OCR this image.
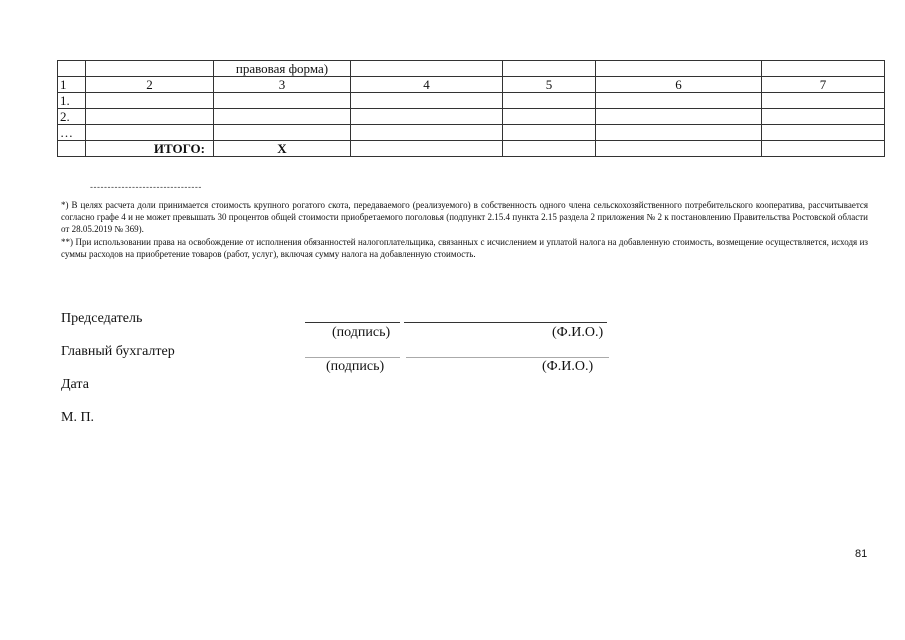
		правовая форма)				
1	2	3	4	5	6	7
1.						
2.						
…						
	ИТОГО:	X				
--------------------------------
*) В целях расчета доли принимается стоимость крупного рогатого скота, передаваемого (реализуемого) в собственность одного члена сельскохозяйственного потребительского кооператива, рассчитывается согласно графе 4 и не может превышать 30 процентов общей стоимости приобретаемого поголовья (подпункт 2.15.4 пункта 2.15 раздела 2 приложения № 2 к постановлению Правительства Ростовской области от 28.05.2019 № 369).
**) При использовании права на освобождение от исполнения обязанностей налогоплательщика, связанных с исчислением и уплатой налога на добавленную стоимость, возмещение осуществляется, исходя из суммы расходов на приобретение товаров (работ, услуг), включая сумму налога на добавленную стоимость.
Председатель
(подпись)	(Ф.И.О.)
Главный бухгалтер
(подпись)	(Ф.И.О.)
Дата
М. П.
81
